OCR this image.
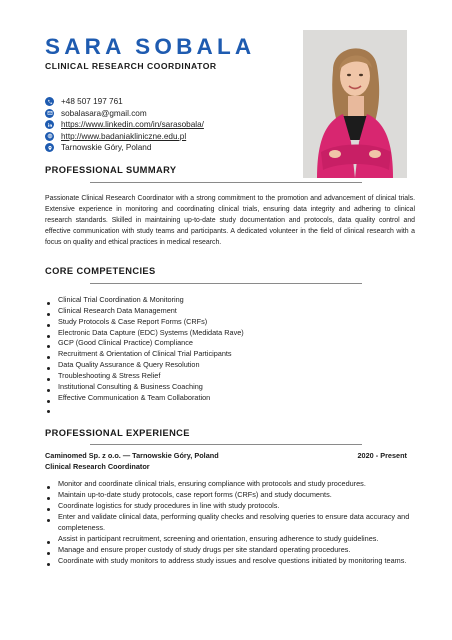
SARA SOBALA
CLINICAL RESEARCH COORDINATOR
+48 507 197 761
sobalasara@gmail.com
https://www.linkedin.com/in/sarasobala/
http://www.badaniakliniczne.edu.pl
Tarnowskie Góry, Poland
PROFESSIONAL SUMMARY
Passionate Clinical Research Coordinator with a strong commitment to the promotion and advancement of clinical trials. Extensive experience in monitoring and coordinating clinical trials, ensuring data integrity and adhering to clinical research standards. Skilled in maintaining up-to-date study documentation and protocols, data quality control and effective communication with study teams and participants. A dedicated volunteer in the field of clinical research with a focus on quality and ethical practices in medical research.
CORE COMPETENCIES
Clinical Trial Coordination & Monitoring
Clinical Research Data Management
Study Protocols & Case Report Forms (CRFs)
Electronic Data Capture (EDC) Systems (Medidata Rave)
GCP (Good Clinical Practice) Compliance
Recruitment & Orientation of Clinical Trial Participants
Data Quality Assurance & Query Resolution
Troubleshooting & Stress Relief
Institutional Consulting & Business Coaching
Effective Communication & Team Collaboration
PROFESSIONAL EXPERIENCE
Caminomed Sp. z o.o. — Tarnowskie Góry, Poland
Clinical Research Coordinator
2020 - Present
Monitor and coordinate clinical trials, ensuring compliance with protocols and study procedures.
Maintain up-to-date study protocols, case report forms (CRFs) and study documents.
Coordinate logistics for study procedures in line with study protocols.
Enter and validate clinical data, performing quality checks and resolving queries to ensure data accuracy and completeness.
Assist in participant recruitment, screening and orientation, ensuring adherence to study guidelines.
Manage and ensure proper custody of study drugs per site standard operating procedures.
Coordinate with study monitors to address study issues and resolve questions initiated by monitoring teams.
